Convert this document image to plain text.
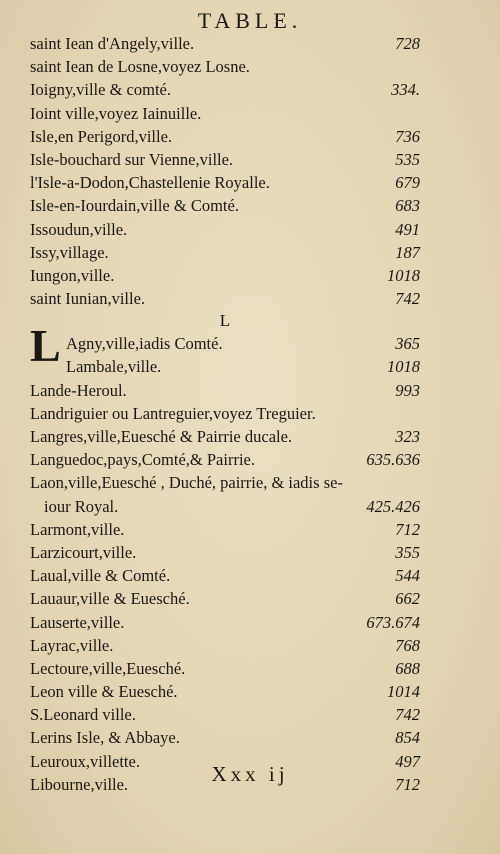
TABLE.
saint Iean d'Angely,ville.	728
saint Iean de Losne,voyez Losne.
Ioigny,ville & comté.	334.
Ioint ville,voyez Iainuille.
Isle,en Perigord,ville.	736
Isle-bouchard sur Vienne,ville.	535
l'Isle-a-Dodon,Chastellenie Royalle.	679
Isle-en-Iourdain,ville & Comté.	683
Issoudun,ville.	491
Issy,village.	187
Iungon,ville.	1018
saint Iunian,ville.	742
L
Agny,ville,iadis Comté.	365
Lambale,ville.	1018
Lande-Heroul.	993
Landriguier ou Lantreguier,voyez Treguier.
Langres,ville,Euesché & Pairrie ducale.	323
Languedoc,pays,Comté,& Pairrie.	635.636
Laon,ville,Euesché , Duché, pairrie, & iadis se-
iour Royal.	425.426
Larmont,ville.	712
Larzicourt,ville.	355
Laual,ville & Comté.	544
Lauaur,ville & Euesché.	662
Lauserte,ville.	673.674
Layrac,ville.	768
Lectoure,ville,Euesché.	688
Leon ville & Euesché.	1014
S.Leonard ville.	742
Lerins Isle, & Abbaye.	854
Leuroux,villette.	497
Libourne,ville.	712
L
Xxx ij
